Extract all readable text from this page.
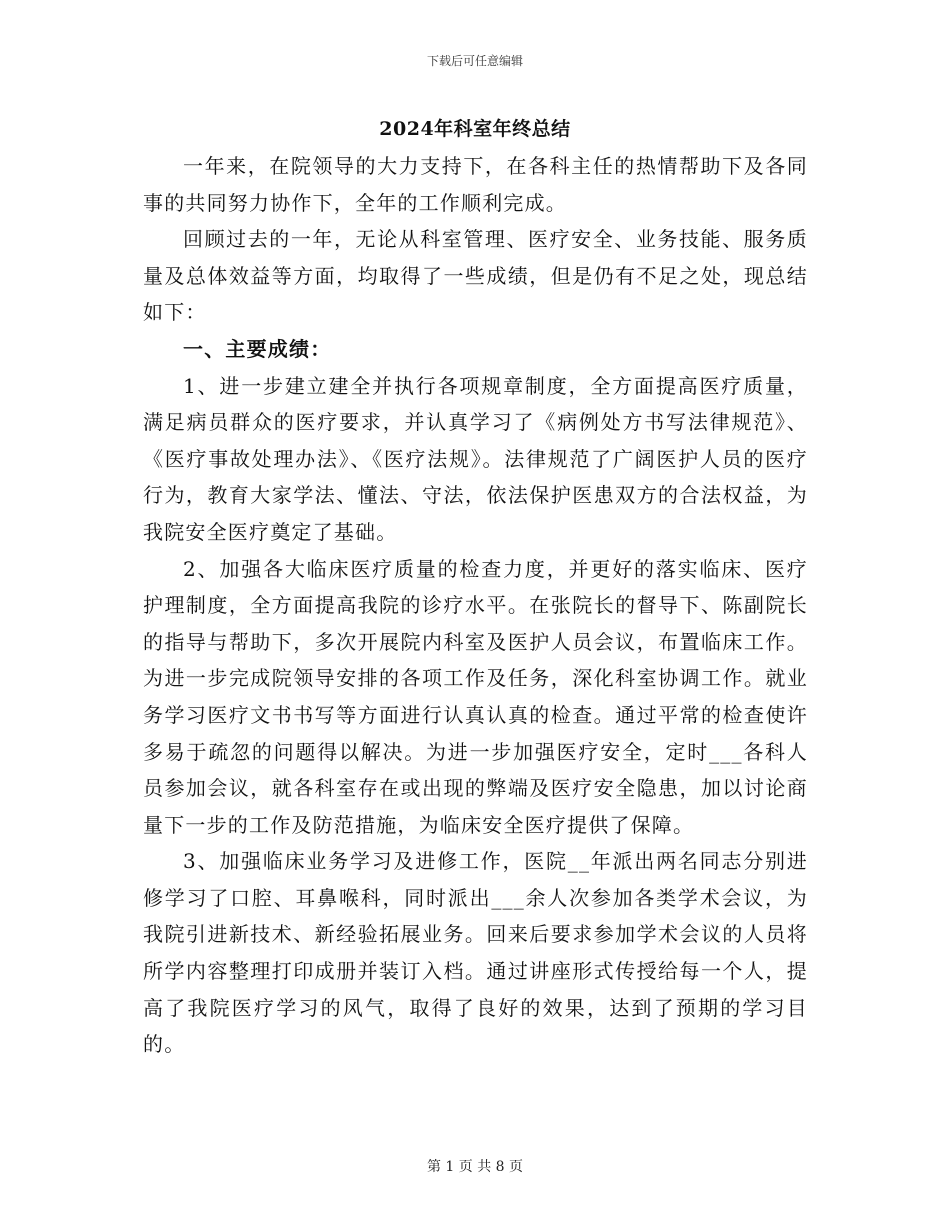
下载后可任意编辑
2024年科室年终总结

一年来，在院领导的大力支持下，在各科主任的热情帮助下及各同事的共同努力协作下，全年的工作顺利完成。

回顾过去的一年，无论从科室管理、医疗安全、业务技能、服务质量及总体效益等方面，均取得了一些成绩，但是仍有不足之处，现总结如下：

一、主要成绩：

1、进一步建立建全并执行各项规章制度，全方面提高医疗质量，满足病员群众的医疗要求，并认真学习了《病例处方书写法律规范》、《医疗事故处理办法》、《医疗法规》。法律规范了广阔医护人员的医疗行为，教育大家学法、懂法、守法，依法保护医患双方的合法权益，为我院安全医疗奠定了基础。

2、加强各大临床医疗质量的检查力度，并更好的落实临床、医疗护理制度，全方面提高我院的诊疗水平。在张院长的督导下、陈副院长的指导与帮助下，多次开展院内科室及医护人员会议，布置临床工作。为进一步完成院领导安排的各项工作及任务，深化科室协调工作。就业务学习医疗文书书写等方面进行认真认真的检查。通过平常的检查使许多易于疏忽的问题得以解决。为进一步加强医疗安全，定时___各科人员参加会议，就各科室存在或出现的弊端及医疗安全隐患，加以讨论商量下一步的工作及防范措施，为临床安全医疗提供了保障。

3、加强临床业务学习及进修工作，医院__年派出两名同志分别进修学习了口腔、耳鼻喉科，同时派出___余人次参加各类学术会议，为我院引进新技术、新经验拓展业务。回来后要求参加学术会议的人员将所学内容整理打印成册并装订入档。通过讲座形式传授给每一个人，提高了我院医疗学习的风气，取得了良好的效果，达到了预期的学习目的。

第 1 页 共 8 页
